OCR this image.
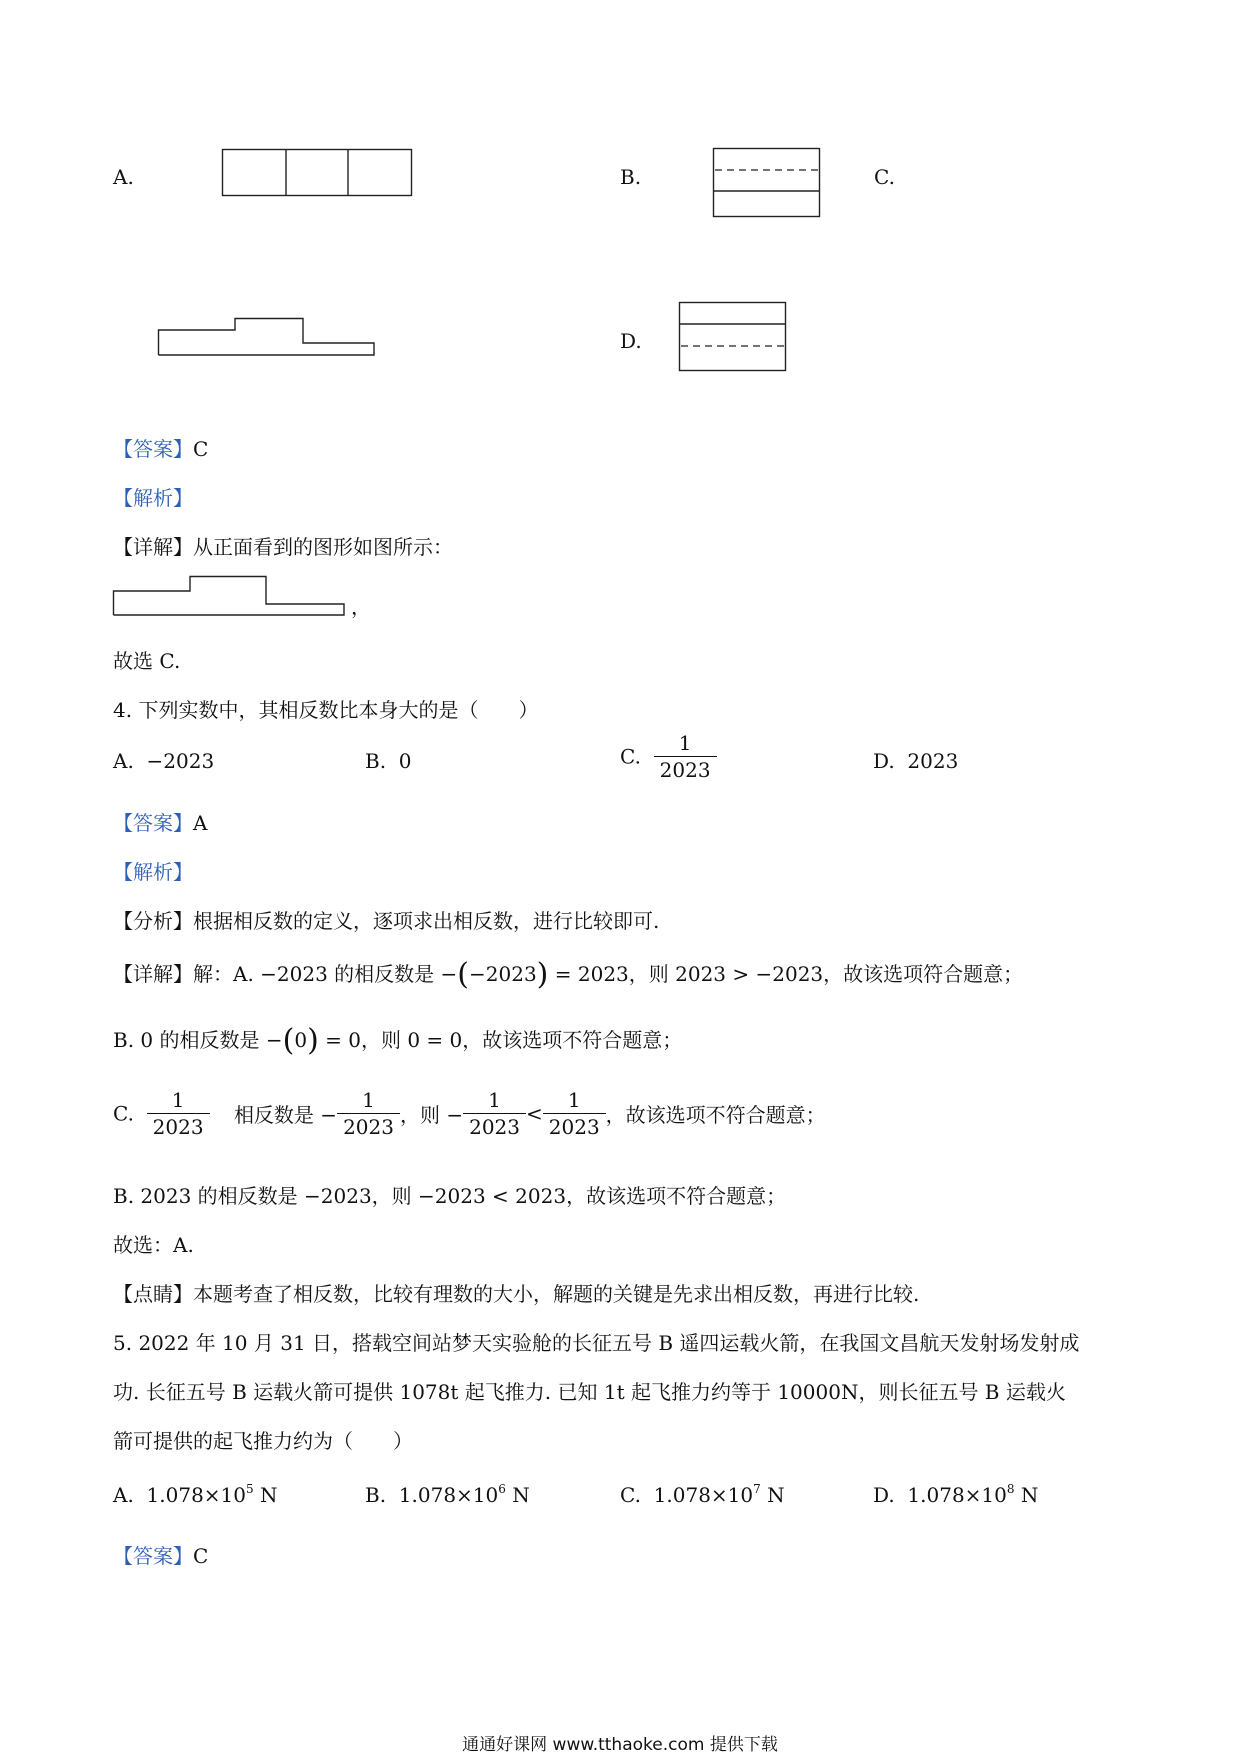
A.	B.	C.
D.
【答案】C
【解析】
【详解】从正面看到的图形如图所示：
，
故选 C.
4. 下列实数中，其相反数比本身大的是（　　）
A. −2023	B. 0	C. $\frac{1}{2023}$	D. 2023
【答案】A
【解析】
【分析】根据相反数的定义，逐项求出相反数，进行比较即可.
【详解】解：A. −2023 的相反数是 −(−2023) = 2023，则 2023 > −2023，故该选项符合题意；
B. 0 的相反数是 −(0) = 0，则 0 = 0，故该选项不符合题意；
C. $\frac{1}{2023}$ 相反数是 − $\frac{1}{2023}$ ，则 − $\frac{1}{2023} < \frac{1}{2023}$ ，故该选项不符合题意；
B. 2023 的相反数是 −2023，则 −2023 < 2023，故该选项不符合题意；
故选：A.
【点睛】本题考查了相反数，比较有理数的大小，解题的关键是先求出相反数，再进行比较.
5. 2022 年 10 月 31 日，搭载空间站梦天实验舱的长征五号 B 遥四运载火箭，在我国文昌航天发射场发射成
功. 长征五号 B 运载火箭可提供 1078t 起飞推力. 已知 1t 起飞推力约等于 10000N，则长征五号 B 运载火
箭可提供的起飞推力约为（　　）
A. $1.078\times 10^5$ N	B. $1.078\times 10^6$ N	C. $1.078\times 10^7$ N	D. $1.078\times 10^8$ N
【答案】C
通通好课网 www.tthaoke.com 提供下载
